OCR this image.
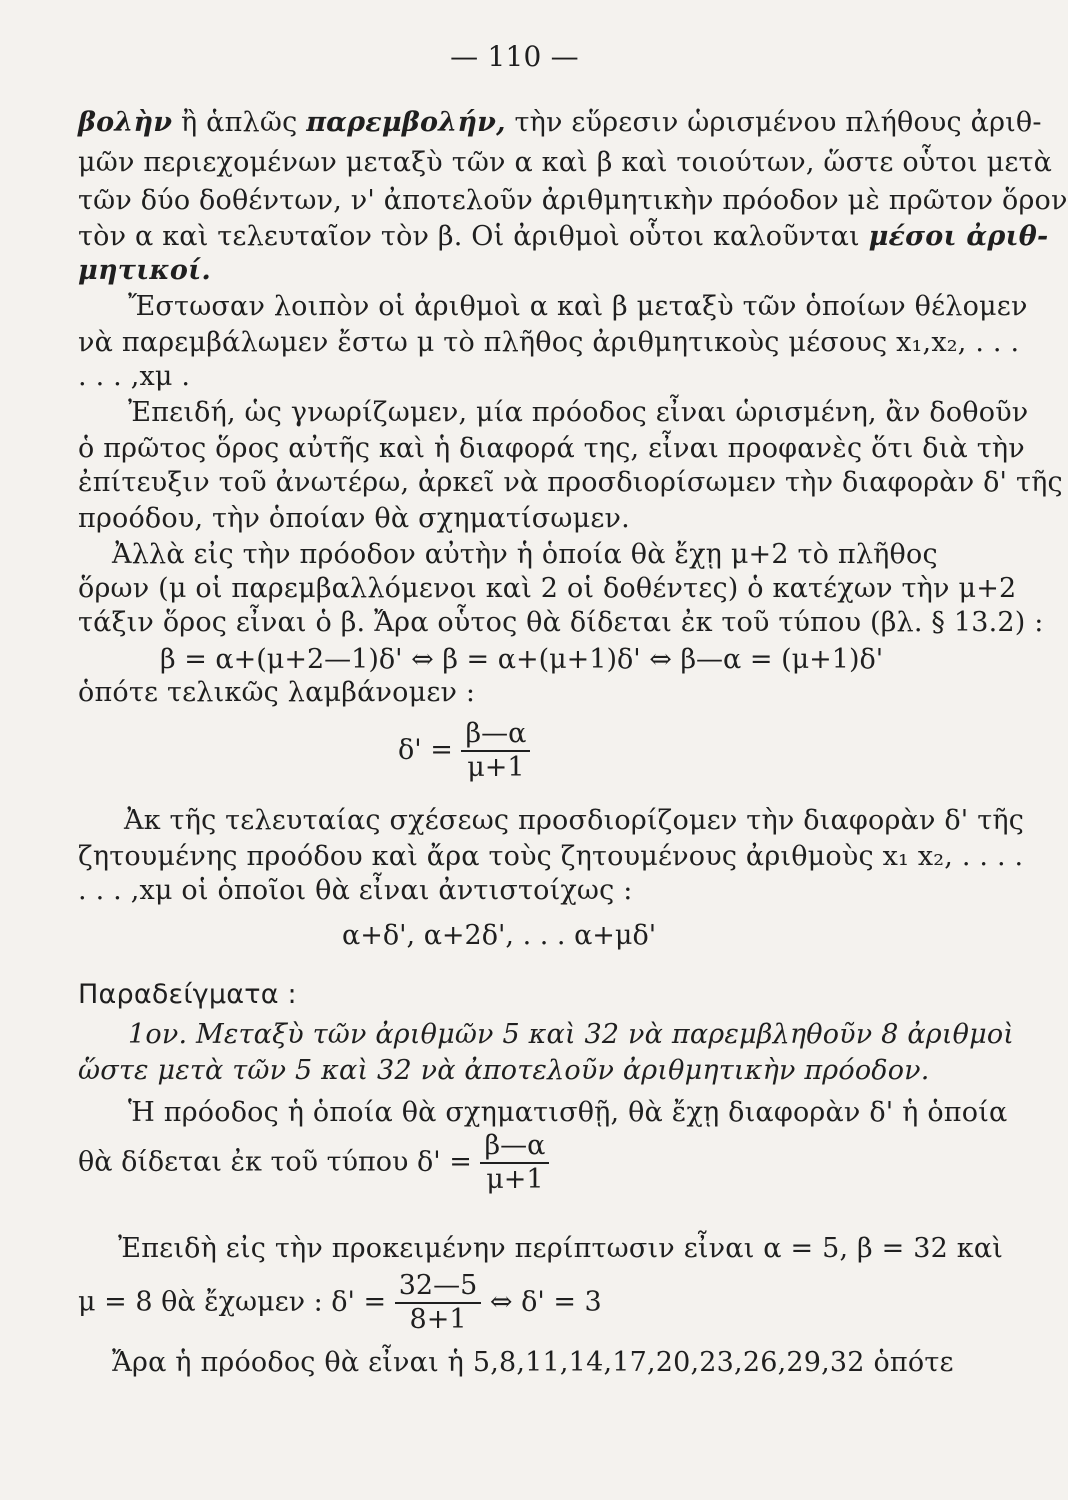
— 110 —
βολὴν ἢ ἁπλῶς παρεμβολήν, τὴν εὕρεσιν ὡρισμένου πλήθους ἀριθ-
μῶν περιεχομένων μεταξὺ τῶν α καὶ β καὶ τοιούτων, ὥστε οὗτοι μετὰ
τῶν δύο δοθέντων, ν' ἀποτελοῦν ἀριθμητικὴν πρόοδον μὲ πρῶτον ὅρον
τὸν α καὶ τελευταῖον τὸν β. Οἱ ἀριθμοὶ οὗτοι καλοῦνται μέσοι ἀριθ-
μητικοί.
Ἔστωσαν λοιπὸν οἱ ἀριθμοὶ α καὶ β μεταξὺ τῶν ὁποίων θέλομεν
νὰ παρεμβάλωμεν ἔστω μ τὸ πλῆθος ἀριθμητικοὺς μέσους x₁,x₂, . . .
. . . ,xμ .
Ἐπειδή, ὡς γνωρίζωμεν, μία πρόοδος εἶναι ὡρισμένη, ἂν δοθοῦν
ὁ πρῶτος ὅρος αὐτῆς καὶ ἡ διαφορά της, εἶναι προφανὲς ὅτι διὰ τὴν
ἐπίτευξιν τοῦ ἀνωτέρω, ἀρκεῖ νὰ προσδιορίσωμεν τὴν διαφορὰν δ' τῆς
προόδου, τὴν ὁποίαν θὰ σχηματίσωμεν.
Ἀλλὰ εἰς τὴν πρόοδον αὐτὴν ἡ ὁποία θὰ ἔχῃ μ+2 τὸ πλῆθος
ὅρων (μ οἱ παρεμβαλλόμενοι καὶ 2 οἱ δοθέντες) ὁ κατέχων τὴν μ+2
τάξιν ὅρος εἶναι ὁ β. Ἄρα οὗτος θὰ δίδεται ἐκ τοῦ τύπου (βλ. § 13.2) :
β = α+(μ+2—1)δ' ⇔ β = α+(μ+1)δ' ⇔ β—α = (μ+1)δ'
ὁπότε τελικῶς λαμβάνομεν :
$\delta' = \frac{\beta—\alpha}{\mu+1}$
Ἀκ τῆς τελευταίας σχέσεως προσδιορίζομεν τὴν διαφορὰν δ' τῆς
ζητουμένης προόδου καὶ ἄρα τοὺς ζητουμένους ἀριθμοὺς x₁ x₂, . . . .
. . . ,xμ οἱ ὁποῖοι θὰ εἶναι ἀντιστοίχως :
α+δ', α+2δ', . . . α+μδ'
Παραδείγματα :
1ον. Μεταξὺ τῶν ἀριθμῶν 5 καὶ 32 νὰ παρεμβληθοῦν 8 ἀριθμοὶ
ὥστε μετὰ τῶν 5 καὶ 32 νὰ ἀποτελοῦν ἀριθμητικὴν πρόοδον.
Ἡ πρόοδος ἡ ὁποία θὰ σχηματισθῇ, θὰ ἔχῃ διαφορὰν δ' ἡ ὁποία
θὰ δίδεται ἐκ τοῦ τύπου $\delta' = \frac{\beta—\alpha}{\mu+1}$
Ἐπειδὴ εἰς τὴν προκειμένην περίπτωσιν εἶναι α = 5, β = 32 καὶ
μ = 8 θὰ ἔχωμεν : $\delta' = \frac{32—5}{8+1}$ ⇔ δ' = 3
Ἄρα ἡ πρόοδος θὰ εἶναι ἡ 5,8,11,14,17,20,23,26,29,32 ὁπότε
